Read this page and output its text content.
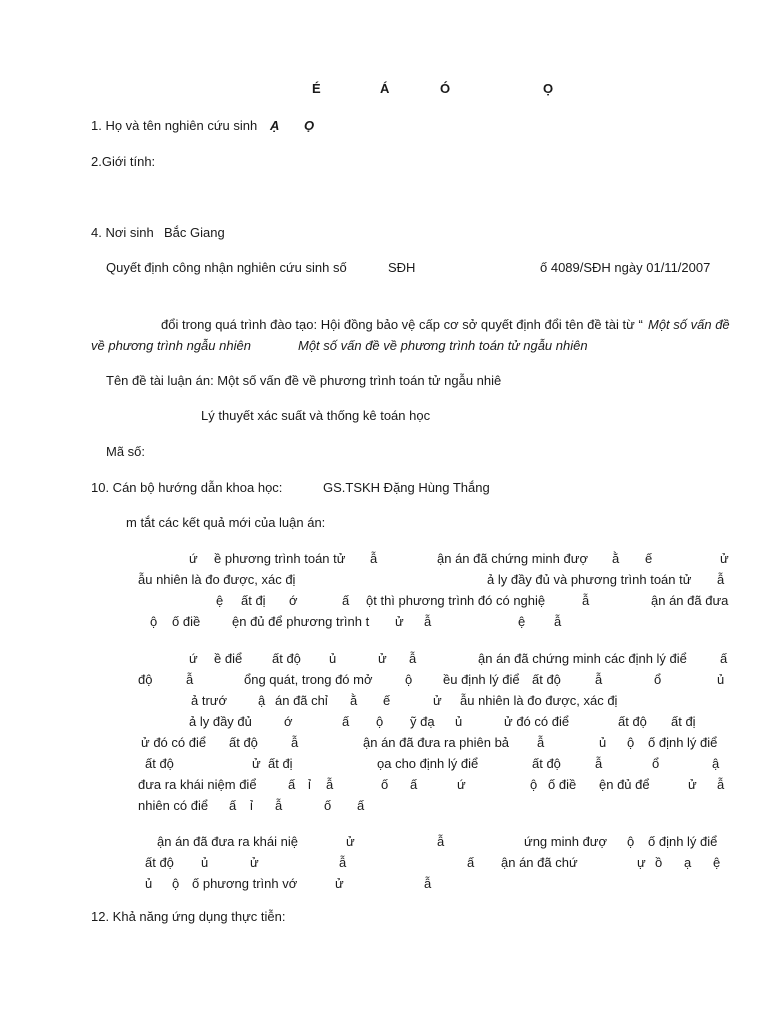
É	Á	Ó	Ọ
1. Họ và tên nghiên cứu sinh Ạ Ọ
2.Giới tính:
4. Nơi sinh Bắc Giang
Quyết định công nhận nghiên cứu sinh số	SĐH	ố 4089/SĐH ngày 01/11/2007
đổi trong quá trình đào tạo: Hội đồng bảo vệ cấp cơ sở quyết định đổi tên đề tài từ “ Một số vấn đề
về phương trình ngẫu nhiên	Một số vấn đề về phương trình toán tử ngẫu nhiên
Tên đề tài luận án: Một số vấn đề về phương trình toán tử ngẫu nhiê
Lý thuyết xác suất và thống kê toán học
Mã số:
10. Cán bộ hướng dẫn khoa học:	GS.TSKH Đặng Hùng Thắng
m tắt các kết quả mới của luận án:
ứ ề phương trình toán tử ẫ	ận án đã chứng minh đượ ằ ế	ử
ẫu nhiên là đo được, xác đị	ả ly đầy đủ và phương trình toán tử ẫ
ệ ất đị ớ	ấ ột thì phương trình đó có nghiệ	ẫ	ận án đã đưa
ộ ố điề ện đủ để phương trình t ử ẫ	ệ ẫ
ứ ề điể ất độ ủ	ử ẫ	ận án đã chứng minh các định lý điể	ấ
độ	ẫ	ổng quát, trong đó mở	ộ ều định lý điể ất độ	ẫ	ổ	ủ
ả trướ ậ án đã chỉ ằ ế	ử ẫu nhiên là đo được, xác đị
ả ly đầy đủ ớ	ấ ộ ỹ đạ ủ	ử đó có điể	ất độ ất đị
ử đó có điể ất độ	ẫ	ận án đã đưa ra phiên bả ẫ	ủ ộ ố định lý điể
ất độ	ử ất đị	ọa cho định lý điể	ất độ	ẫ	ổ	ậ
đưa ra khái niệm điể ấ ỉ ẫ	ố ấ	ứ	ộ ố điề ện đủ để	ử ẫ
nhiên có điể ấ ỉ ẫ	ố ấ
ận án đã đưa ra khái niệ	ử	ẫ	ứng minh đượ ộ ố định lý điể
ất độ ủ	ử	ẫ	ấ ận án đã chứ	ự ồ ạ ệ
ủ ộ ố phương trình vớ	ử	ẫ
12. Khả năng ứng dụng thực tiễn:
